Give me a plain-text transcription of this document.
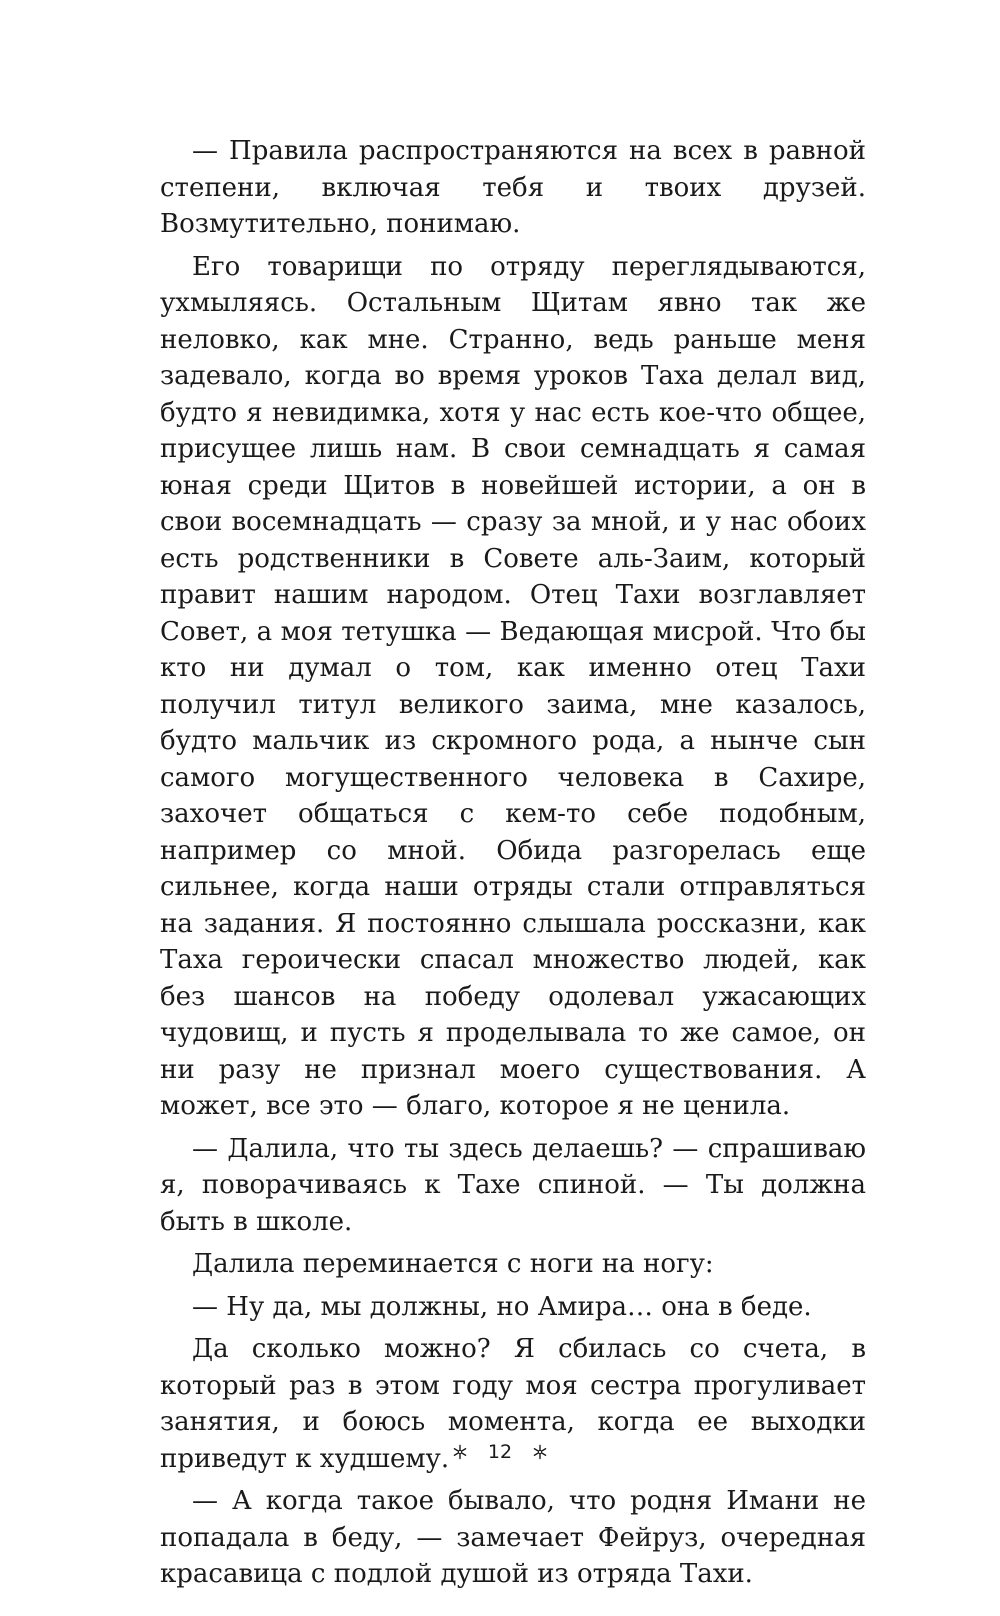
— Правила распространяются на всех в равной степени, включая тебя и твоих друзей. Возмутительно, понимаю.

Его товарищи по отряду переглядываются, ухмыляясь. Остальным Щитам явно так же неловко, как мне. Странно, ведь раньше меня задевало, когда во время уроков Таха делал вид, будто я невидимка, хотя у нас есть кое-что общее, присущее лишь нам. В свои семнадцать я самая юная среди Щитов в новейшей истории, а он в свои восемнадцать — сразу за мной, и у нас обоих есть родственники в Совете аль-Заим, который правит нашим народом. Отец Тахи возглавляет Совет, а моя тетушка — Ведающая мисрой. Что бы кто ни думал о том, как именно отец Тахи получил титул великого заима, мне казалось, будто мальчик из скромного рода, а нынче сын самого могущественного человека в Сахире, захочет общаться с кем-то себе подобным, например со мной. Обида разгорелась еще сильнее, когда наши отряды стали отправляться на задания. Я постоянно слышала россказни, как Таха героически спасал множество людей, как без шансов на победу одолевал ужасающих чудовищ, и пусть я проделывала то же самое, он ни разу не признал моего существования. А может, все это — благо, которое я не ценила.

— Далила, что ты здесь делаешь? — спрашиваю я, поворачиваясь к Тахе спиной. — Ты должна быть в школе.

Далила переминается с ноги на ногу:

— Ну да, мы должны, но Амира… она в беде.

Да сколько можно? Я сбилась со счета, в который раз в этом году моя сестра прогуливает занятия, и боюсь момента, когда ее выходки приведут к худшему.

— А когда такое бывало, что родня Имани не попадала в беду, — замечает Фейруз, очередная красавица с подлой душой из отряда Тахи.

12
